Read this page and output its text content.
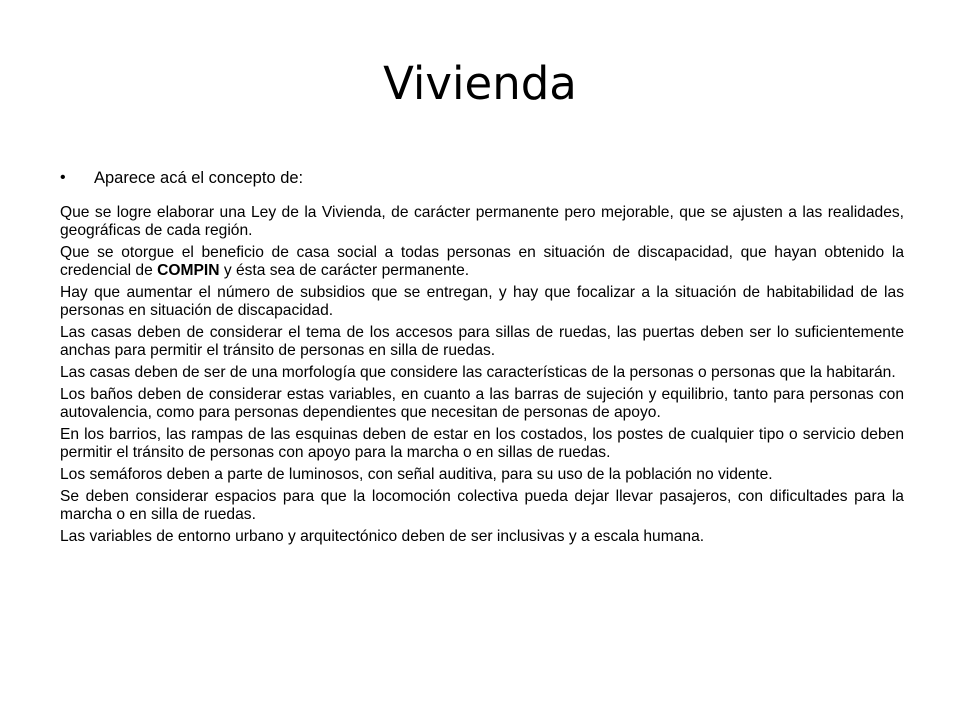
Vivienda
• Aparece acá el concepto de:

Que se logre elaborar una Ley de la Vivienda, de carácter permanente pero mejorable, que se ajusten a las realidades, geográficas de cada región.

Que se otorgue el beneficio de casa social a todas personas en situación de discapacidad, que hayan obtenido la credencial de COMPIN y ésta sea de carácter permanente.

Hay que aumentar el número de subsidios que se entregan, y hay que focalizar a la situación de habitabilidad de las personas en situación de discapacidad.

Las casas deben de considerar el tema de los accesos para sillas de ruedas, las puertas deben ser lo suficientemente anchas para permitir el tránsito de personas en silla de ruedas.

Las casas deben de ser de una morfología que considere las características de la personas o personas que la habitarán.

Los baños deben de considerar estas variables, en cuanto a las barras de sujeción y equilibrio, tanto para personas con autovalencia, como para personas dependientes que necesitan de personas de apoyo.

En los barrios, las rampas de las esquinas deben de estar en los costados, los postes de cualquier tipo o servicio deben permitir el tránsito de personas con apoyo para la marcha o en sillas de ruedas.

Los semáforos deben a parte de luminosos, con señal auditiva, para su uso de la población no vidente.

Se deben considerar espacios para que la locomoción colectiva pueda dejar llevar pasajeros, con dificultades para la marcha o en silla de ruedas.

Las variables de entorno urbano y arquitectónico deben de ser inclusivas y a escala humana.
